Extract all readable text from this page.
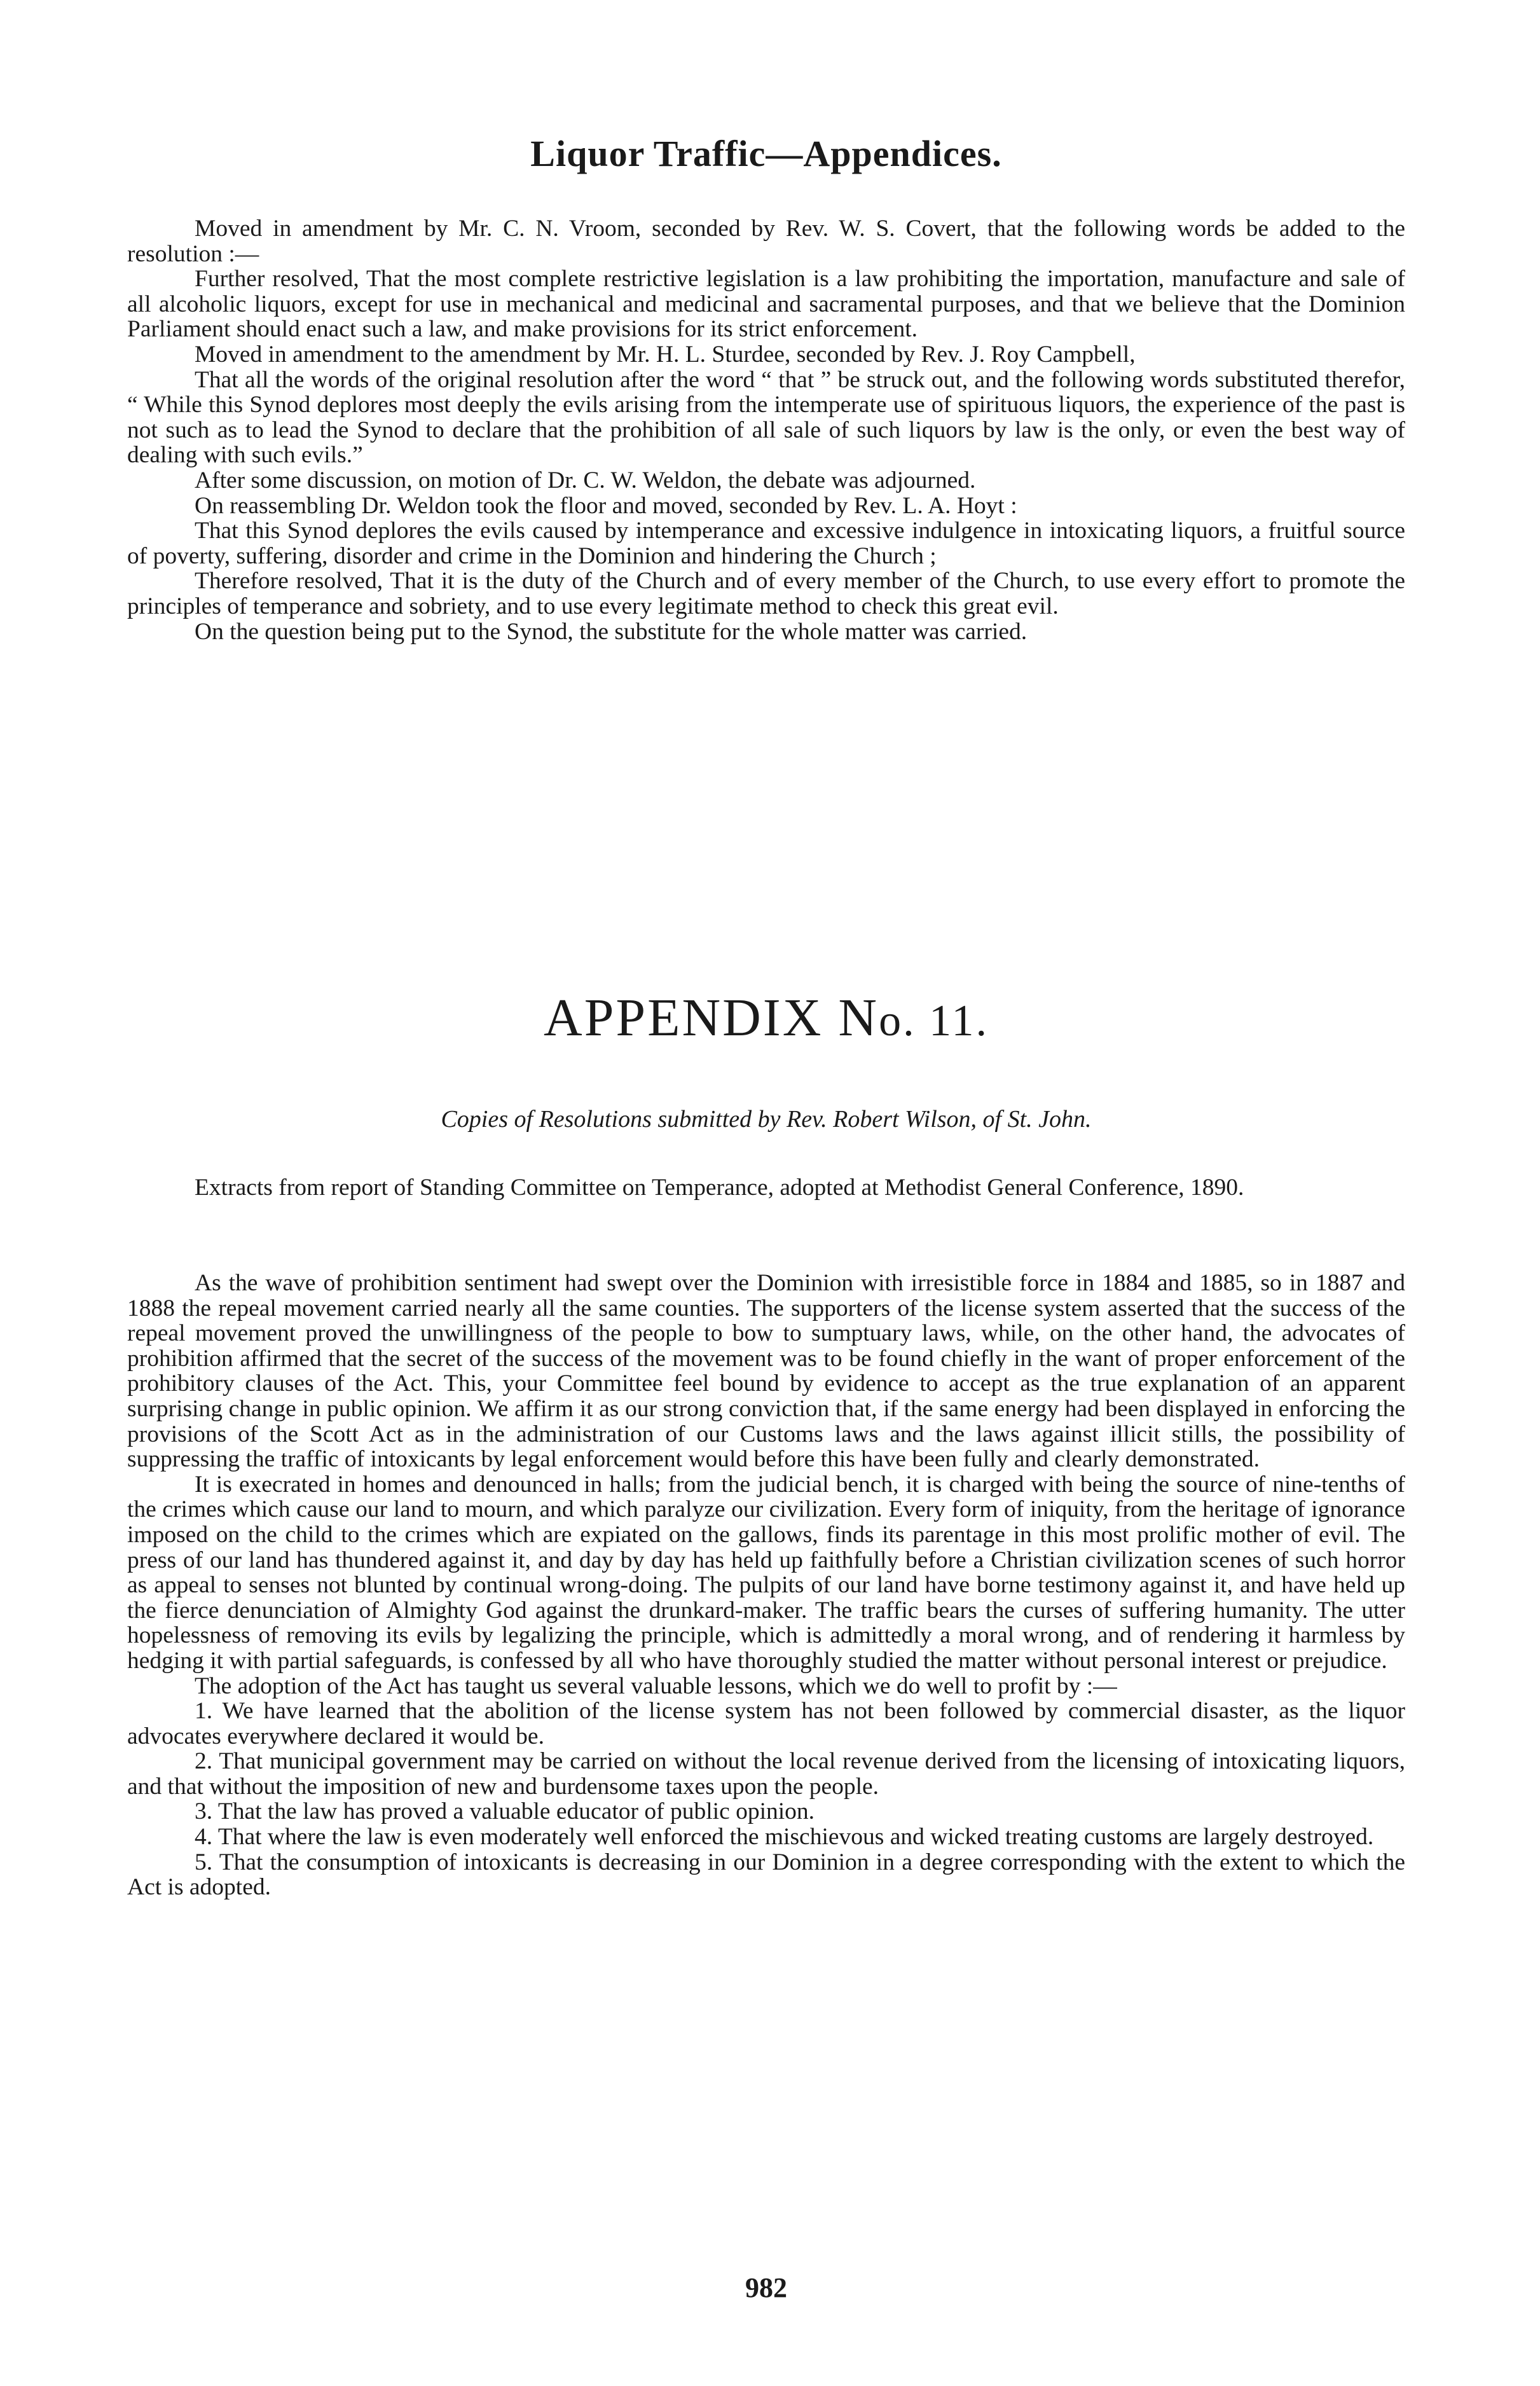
Liquor Traffic—Appendices.

Moved in amendment by Mr. C. N. Vroom, seconded by Rev. W. S. Covert, that the following words be added to the resolution :—

Further resolved, That the most complete restrictive legislation is a law prohibiting the importation, manufacture and sale of all alcoholic liquors, except for use in mechanical and medicinal and sacramental purposes, and that we believe that the Dominion Parliament should enact such a law, and make provisions for its strict enforcement.

Moved in amendment to the amendment by Mr. H. L. Sturdee, seconded by Rev. J. Roy Campbell,

That all the words of the original resolution after the word “ that ” be struck out, and the following words substituted therefor, “ While this Synod deplores most deeply the evils arising from the intemperate use of spirituous liquors, the experience of the past is not such as to lead the Synod to declare that the prohibition of all sale of such liquors by law is the only, or even the best way of dealing with such evils.”

After some discussion, on motion of Dr. C. W. Weldon, the debate was adjourned.

On reassembling Dr. Weldon took the floor and moved, seconded by Rev. L. A. Hoyt :

That this Synod deplores the evils caused by intemperance and excessive indulgence in intoxicating liquors, a fruitful source of poverty, suffering, disorder and crime in the Dominion and hindering the Church ;

Therefore resolved, That it is the duty of the Church and of every member of the Church, to use every effort to promote the principles of temperance and sobriety, and to use every legitimate method to check this great evil.

On the question being put to the Synod, the substitute for the whole matter was carried.

APPENDIX No. 11.

Copies of Resolutions submitted by Rev. Robert Wilson, of St. John.

Extracts from report of Standing Committee on Temperance, adopted at Methodist General Conference, 1890.

As the wave of prohibition sentiment had swept over the Dominion with irresistible force in 1884 and 1885, so in 1887 and 1888 the repeal movement carried nearly all the same counties. The supporters of the license system asserted that the success of the repeal movement proved the unwillingness of the people to bow to sumptuary laws, while, on the other hand, the advocates of prohibition affirmed that the secret of the success of the movement was to be found chiefly in the want of proper enforcement of the prohibitory clauses of the Act. This, your Committee feel bound by evidence to accept as the true explanation of an apparent surprising change in public opinion. We affirm it as our strong conviction that, if the same energy had been displayed in enforcing the provisions of the Scott Act as in the administration of our Customs laws and the laws against illicit stills, the possibility of suppressing the traffic of intoxicants by legal enforcement would before this have been fully and clearly demonstrated.

It is execrated in homes and denounced in halls; from the judicial bench, it is charged with being the source of nine-tenths of the crimes which cause our land to mourn, and which paralyze our civilization. Every form of iniquity, from the heritage of ignorance imposed on the child to the crimes which are expiated on the gallows, finds its parentage in this most prolific mother of evil. The press of our land has thundered against it, and day by day has held up faithfully before a Christian civilization scenes of such horror as appeal to senses not blunted by continual wrong-doing. The pulpits of our land have borne testimony against it, and have held up the fierce denunciation of Almighty God against the drunkard-maker. The traffic bears the curses of suffering humanity. The utter hopelessness of removing its evils by legalizing the principle, which is admittedly a moral wrong, and of rendering it harmless by hedging it with partial safeguards, is confessed by all who have thoroughly studied the matter without personal interest or prejudice.

The adoption of the Act has taught us several valuable lessons, which we do well to profit by :—

1. We have learned that the abolition of the license system has not been followed by commercial disaster, as the liquor advocates everywhere declared it would be.

2. That municipal government may be carried on without the local revenue derived from the licensing of intoxicating liquors, and that without the imposition of new and burdensome taxes upon the people.

3. That the law has proved a valuable educator of public opinion.

4. That where the law is even moderately well enforced the mischievous and wicked treating customs are largely destroyed.

5. That the consumption of intoxicants is decreasing in our Dominion in a degree corresponding with the extent to which the Act is adopted.

982
